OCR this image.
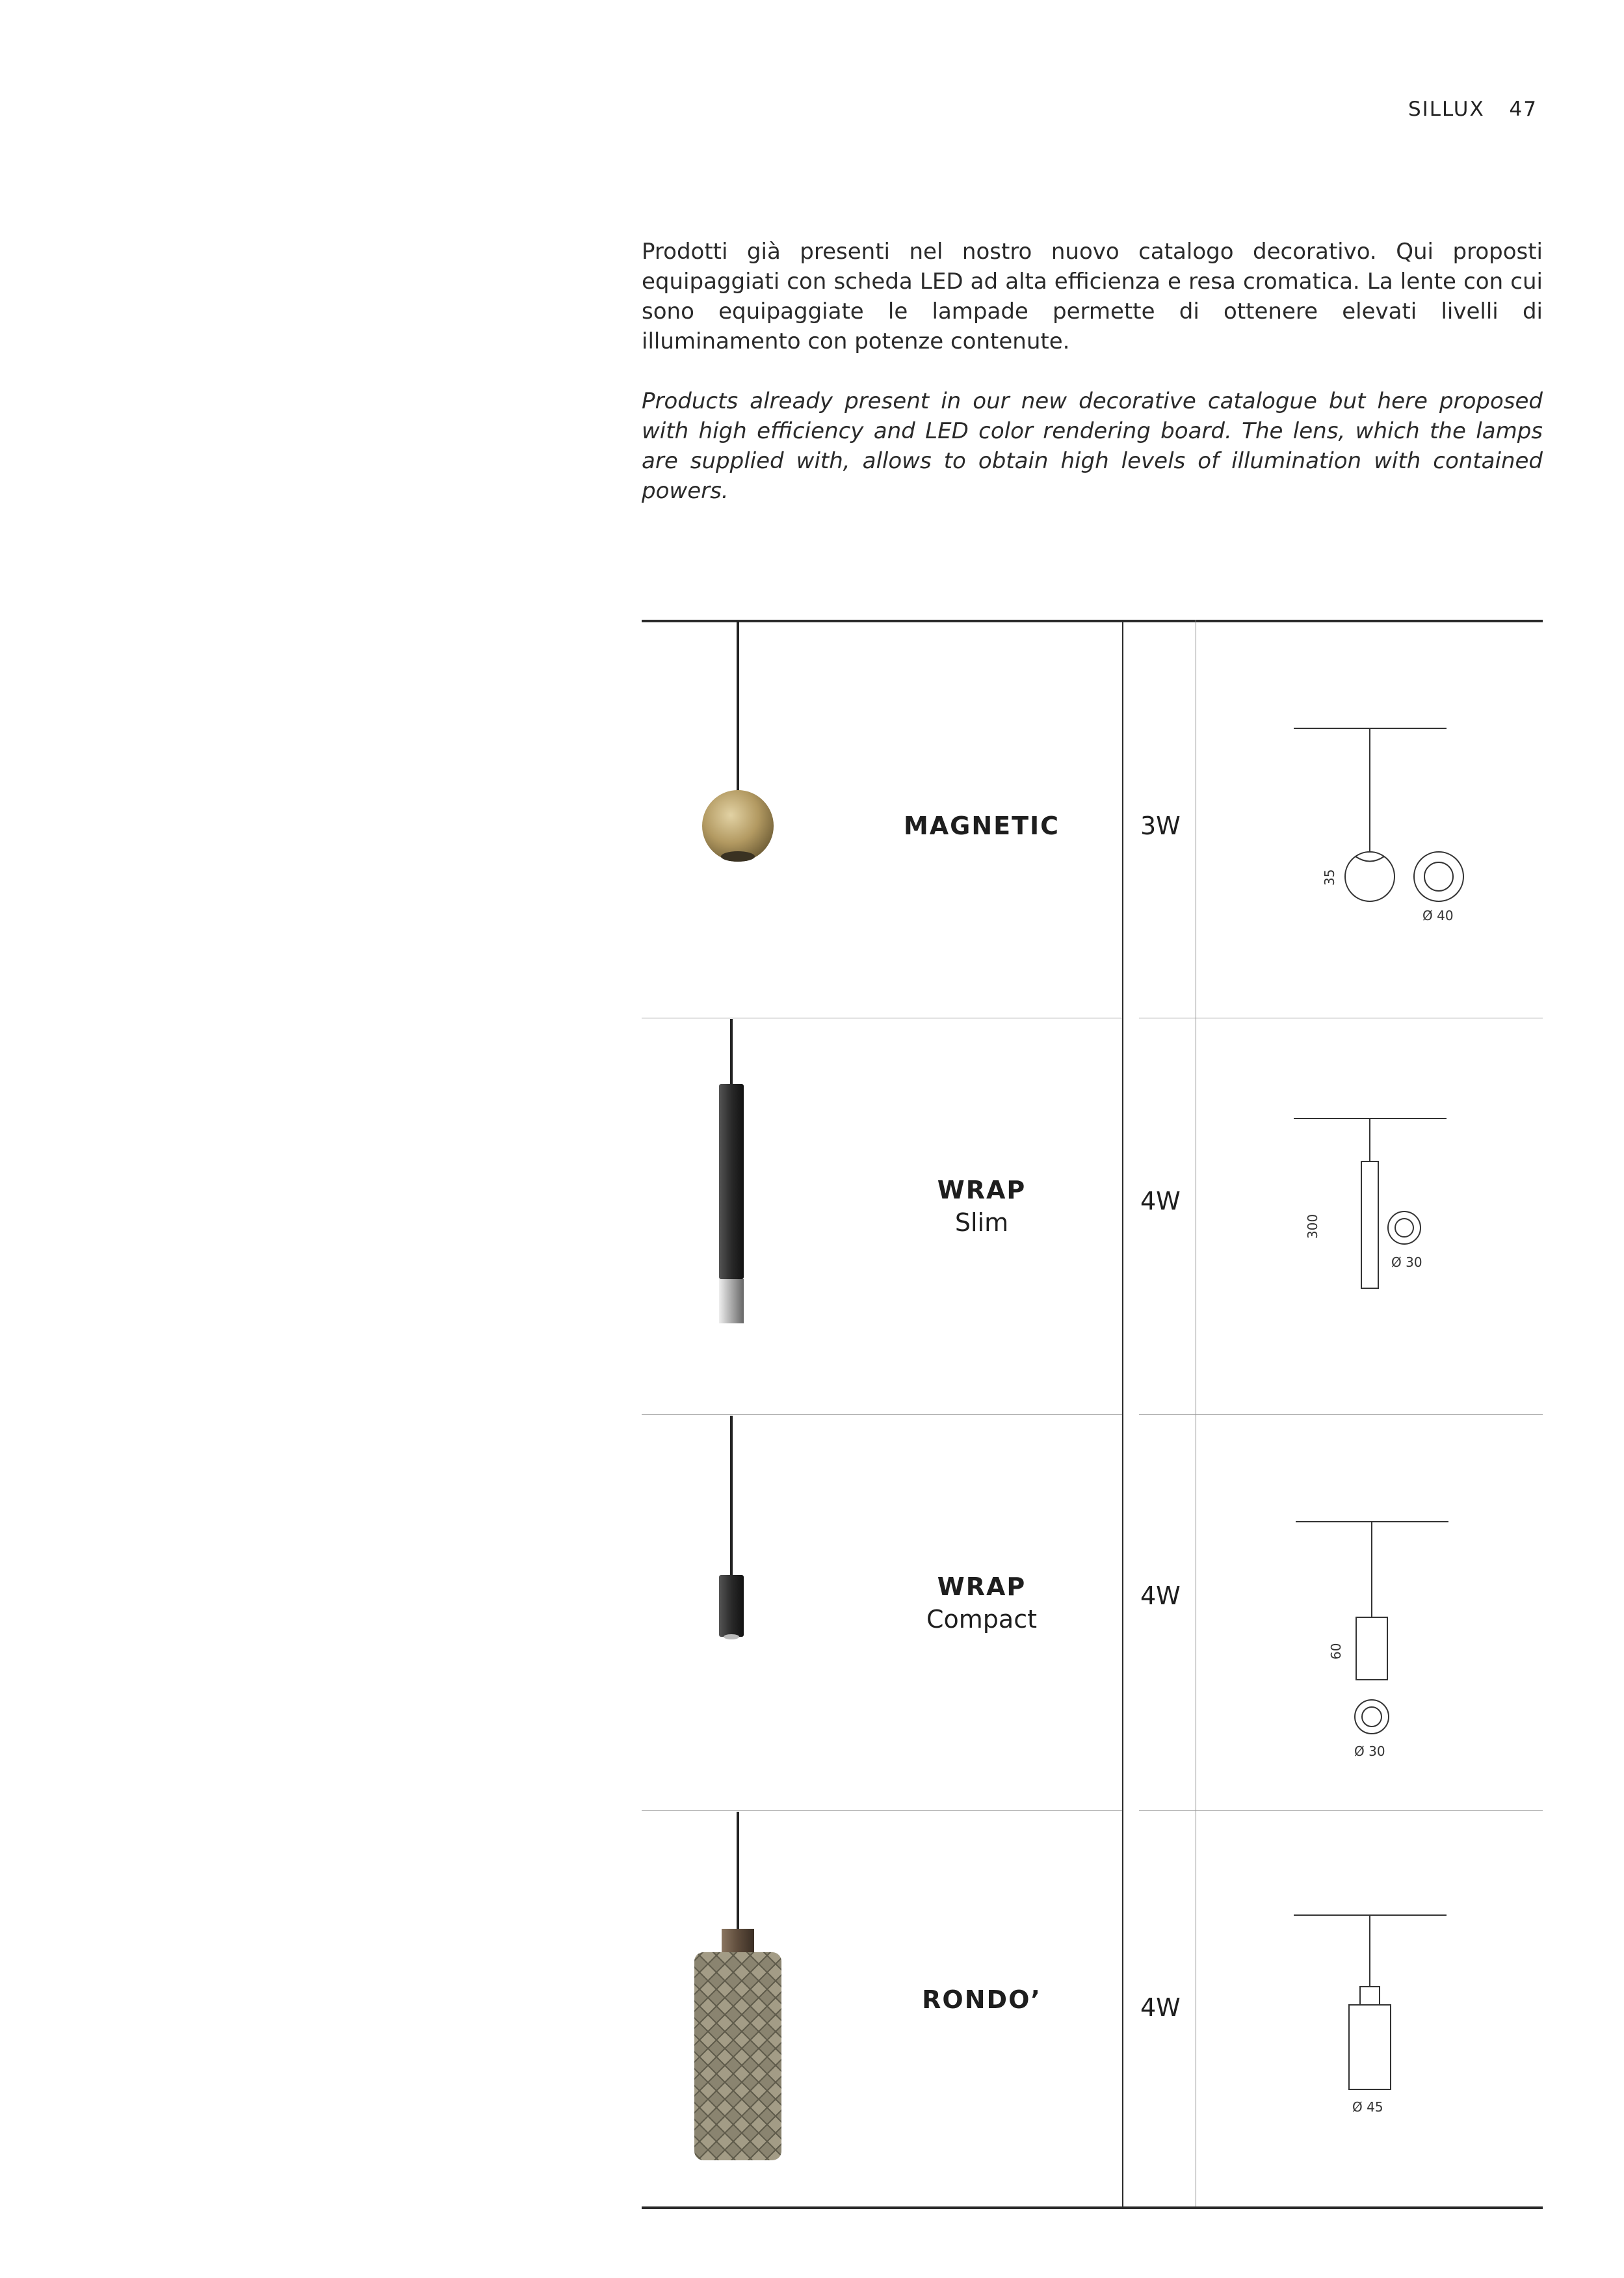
SILLUX 47

Prodotti già presenti nel nostro nuovo catalogo decorativo. Qui proposti equipaggiati con scheda LED ad alta efficienza e resa cromatica. La lente con cui sono equipaggiate le lampade permette di ottenere elevati livelli di illuminamento con potenze contenute.

Products already present in our new decorative catalogue but here proposed with high efficiency and LED color rendering board. The lens, which the lamps are supplied with, allows to obtain high levels of illumination with contained powers.

MAGNETIC	3W
35
Ø 40
WRAP
Slim
4W
300
Ø 30
WRAP
Compact
4W
60
Ø 30
RONDO’	4W
Ø 45
